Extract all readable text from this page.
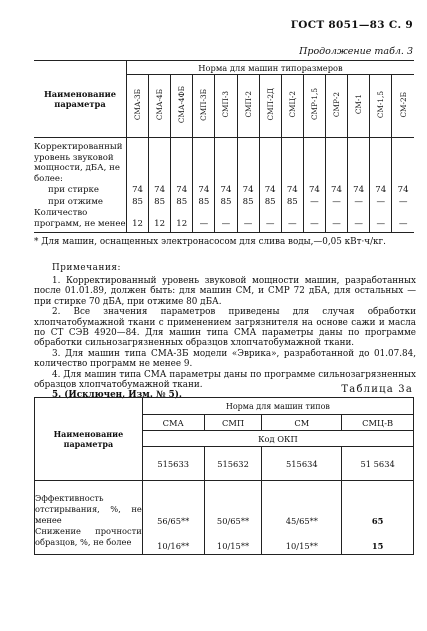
ГОСТ 8051—83 С. 9
Продолжение табл. 3
Наименование параметра	Норма для машин типоразмеров												
	СМА-3Б	СМА-4Б	СМА-4ФБ	СМП-3Б	СМП-3	СМП-2	СМП-2Д	СМЦ-2	СМР-1,5	СМР-2	СМ-1	СМ-1,5	СМ-2Б
Корректированный уровень звуковой мощности, дБА, не более:													
при стирке	74	74	74	74	74	74	74	74	74	74	74	74	74
при отжиме	85	85	85	85	85	85	85	85	—	—	—	—	—
Количество программ, не менее	12	12	12	—	—	—	—	—	—	—	—	—	—
* Для машин, оснащенных электронасосом для слива воды,—0,05 кВт·ч/кг.
Примечания:
1. Корректированный уровень звуковой мощности машин, разработанных после 01.01.89, должен быть: для машин СМ, и СМР 72 дБА, для остальных — при стирке 70 дБА, при отжиме 80 дБА.
2. Все значения параметров приведены для случая обработки хлопчатобумажной ткани с применением загрязнителя на основе сажи и масла по СТ СЭВ 4920—84. Для машин типа СМА параметры даны по программе обработки сильнозагрязненных образцов хлопчатобумажной ткани.
3. Для машин типа СМА-3Б модели «Эврика», разработанной до 01.07.84, количество программ не менее 9.
4. Для машин типа СМА параметры даны по программе сильнозагрязненных образцов хлопчатобумажной ткани.
5. (Исключен, Изм. № 5).
Таблица 3а
Наименование параметра	Норма для машин типов			
	СМА	СМП	СМ	СМЦ-В
	Код ОКП			
	515633	515632	515634	51 5634
Эффективность отстирывания, %, не менее	56/65**	50/65**	45/65**	65
Снижение прочности образцов, %, не более	10/16**	10/15**	10/15**	15
